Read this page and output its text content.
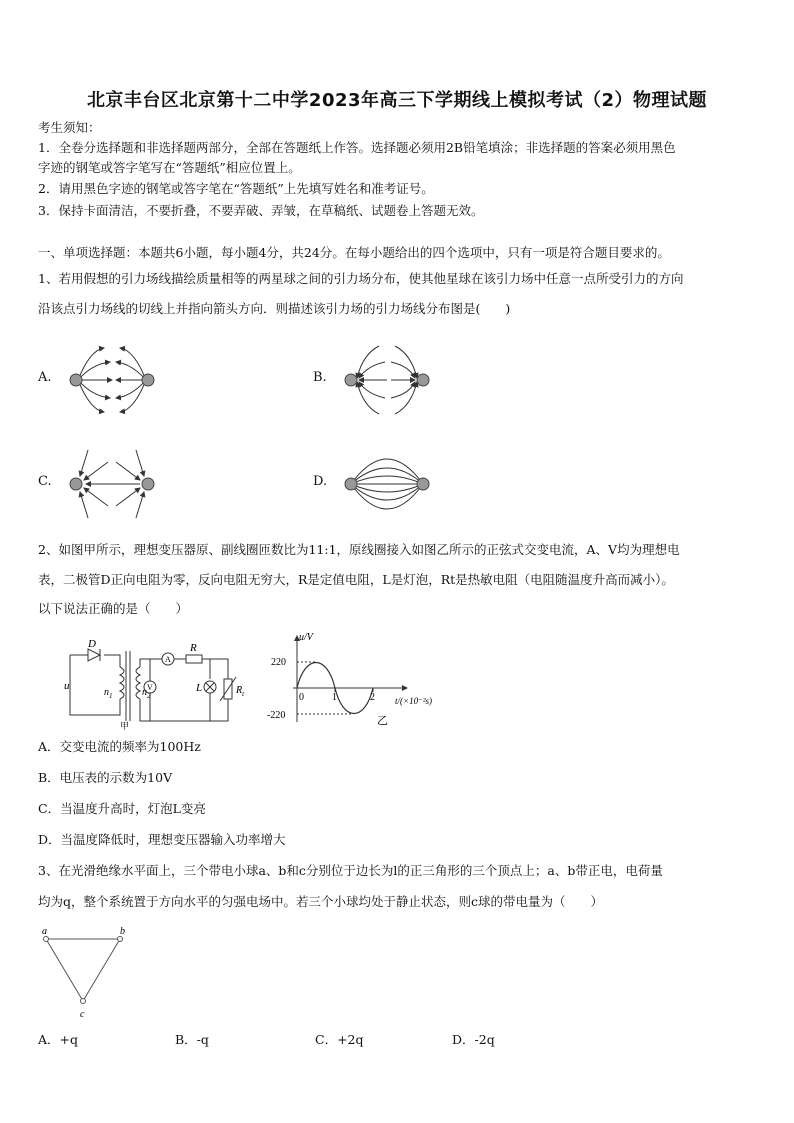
北京丰台区北京第十二中学2023年高三下学期线上模拟考试（2）物理试题
考生须知：
1．全卷分选择题和非选择题两部分，全部在答题纸上作答。选择题必须用2B铅笔填涂；非选择题的答案必须用黑色
字迹的钢笔或答字笔写在“答题纸”相应位置上。
2．请用黑色字迹的钢笔或答字笔在“答题纸”上先填写姓名和准考证号。
3．保持卡面清洁，不要折叠，不要弄破、弄皱，在草稿纸、试题卷上答题无效。
一、单项选择题：本题共6小题，每小题4分，共24分。在每小题给出的四个选项中，只有一项是符合题目要求的。
1、若用假想的引力场线描绘质量相等的两星球之间的引力场分布，使其他星球在该引力场中任意一点所受引力的方向
沿该点引力场线的切线上并指向箭头方向．则描述该引力场的引力场线分布图是(　　)
A.	B.
C.	D.
2、如图甲所示，理想变压器原、副线圈匝数比为11:1，原线圈接入如图乙所示的正弦式交变电流，A、V均为理想电
表，二极管D正向电阻为零，反向电阻无穷大，R是定值电阻，L是灯泡，Rt是热敏电阻（电阻随温度升高而减小）。
以下说法正确的是（　　）
D
u
$n_1$	$n_2$
A
V
R
L	$R_t$
甲
u/V
220
-220
0	1	2 t/(×10⁻²s)
乙
A．交变电流的频率为100Hz
B．电压表的示数为10V
C．当温度升高时，灯泡L变亮
D．当温度降低时，理想变压器输入功率增大
3、在光滑绝缘水平面上，三个带电小球a、b和c分别位于边长为l的正三角形的三个顶点上；a、b带正电，电荷量
均为q，整个系统置于方向水平的匀强电场中。若三个小球均处于静止状态，则c球的带电量为（　　）
a	b
c
A．+q	B．-q	C．+2q	D．-2q
